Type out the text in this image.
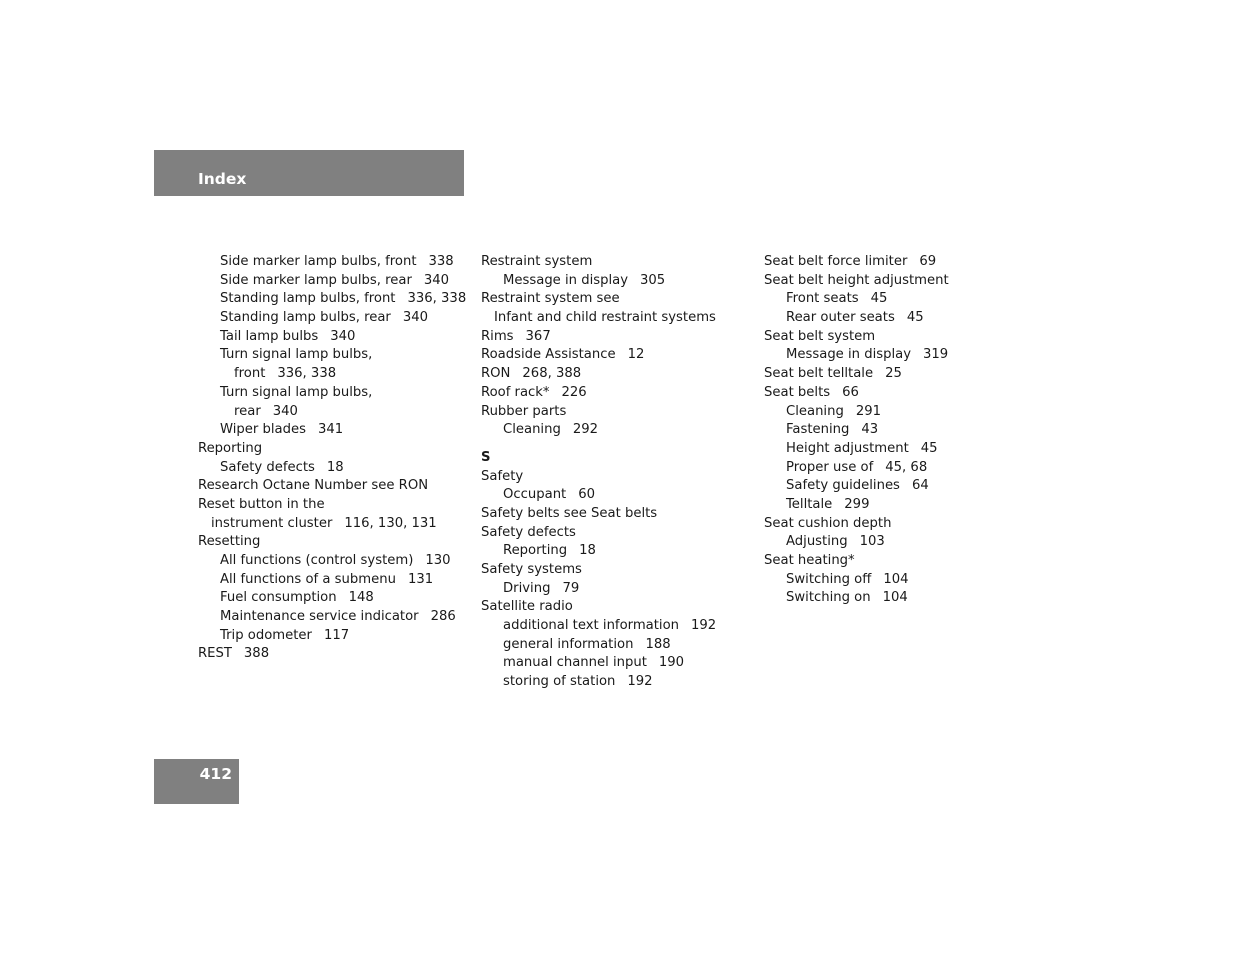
Index
Side marker lamp bulbs, front 338
Side marker lamp bulbs, rear 340
Standing lamp bulbs, front 336, 338
Standing lamp bulbs, rear 340
Tail lamp bulbs 340
Turn signal lamp bulbs,
front 336, 338
Turn signal lamp bulbs,
rear 340
Wiper blades 341
Reporting
Safety defects 18
Research Octane Number see RON
Reset button in the
instrument cluster 116, 130, 131
Resetting
All functions (control system) 130
All functions of a submenu 131
Fuel consumption 148
Maintenance service indicator 286
Trip odometer 117
REST 388
Restraint system
Message in display 305
Restraint system see
Infant and child restraint systems
Rims 367
Roadside Assistance 12
RON 268, 388
Roof rack* 226
Rubber parts
Cleaning 292
S
Safety
Occupant 60
Safety belts see Seat belts
Safety defects
Reporting 18
Safety systems
Driving 79
Satellite radio
additional text information 192
general information 188
manual channel input 190
storing of station 192
Seat belt force limiter 69
Seat belt height adjustment
Front seats 45
Rear outer seats 45
Seat belt system
Message in display 319
Seat belt telltale 25
Seat belts 66
Cleaning 291
Fastening 43
Height adjustment 45
Proper use of 45, 68
Safety guidelines 64
Telltale 299
Seat cushion depth
Adjusting 103
Seat heating*
Switching off 104
Switching on 104
412
